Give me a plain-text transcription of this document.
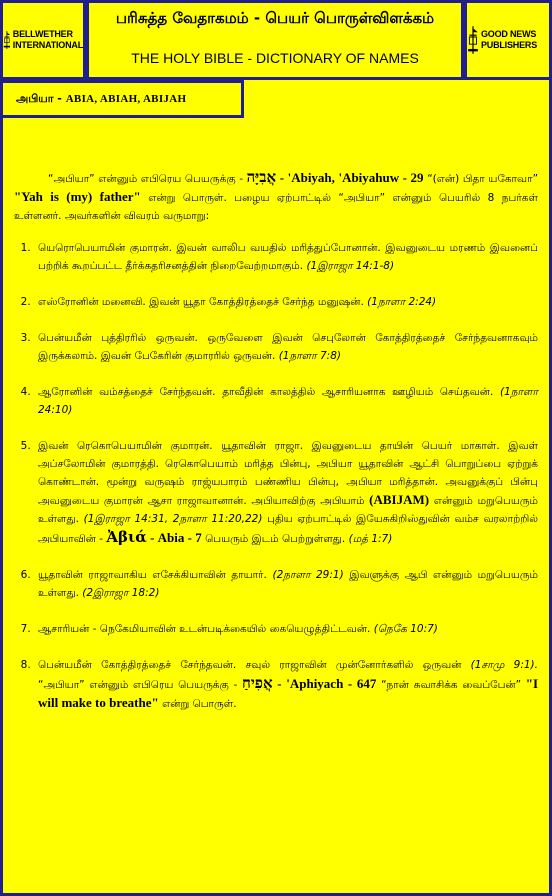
BELLWETHER INTERNATIONAL
பரிசுத்த வேதாகமம் - பெயர் பொருள்விளக்கம்
THE HOLY BIBLE - DICTIONARY OF NAMES
GOOD NEWS PUBLISHERS
அபியா - ABIA, ABIAH, ABIJAH

“அபியா” என்னும் எபிரெய பெயருக்கு - אֲבִיָּה - 'Abiyah, 'Abiyahuw - 29 “(என்) பிதா யகோவா” "Yah is (my) father" என்று பொருள். பழைய ஏற்பாட்டில் “அபியா” என்னும் பெயரில் 8 நபர்கள் உள்ளனர். அவர்களின் விவரம் வருமாறு:

1. யெரொபெயாமின் குமாரன். இவன் வாலிப வயதில் மரித்துப்போனான். இவனுடைய மரணம் இவனைப் பற்றிக் கூறப்பட்ட தீர்க்கதரிசனத்தின் நிறைவேற்றமாகும். (1இராஜா 14:1-8)
2. எஸ்ரோனின் மனைவி. இவன் யூதா கோத்திரத்தைச் சேர்ந்த மனுஷன். (1நாளா 2:24)
3. பென்யமீன் புத்திரரில் ஒருவன். ஒருவேளை இவன் செபுலோன் கோத்திரத்தைச் சேர்ந்தவனாகவும் இருக்கலாம். இவன் பேகேரின் குமாரரில் ஒருவன். (1நாளா 7:8)
4. ஆரோனின் வம்சத்தைச் சேர்ந்தவன். தாவீதின் காலத்தில் ஆசாரியனாக ஊழியம் செய்தவன். (1நாளா 24:10)
5. இவன் ரெகொபெயாமின் குமாரன். யூதாவின் ராஜா. இவனுடைய தாயின் பெயர் மாகாள். இவள் அப்சலோமின் குமாரத்தி. ரெகொபெயாம் மரித்த பின்பு, அபியா யூதாவின் ஆட்சி பொறுப்பை ஏற்றுக் கொண்டான். மூன்று வருஷம் ராஜ்யபாரம் பண்ணிய பின்பு, அபியா மரித்தான். அவனுக்குப் பின்பு அவனுடைய குமாரன் ஆசா ராஜாவானான். அபியாவிற்கு அபியாம் (ABIJAM) என்னும் மறுபெயரும் உள்ளது. (1இராஜா 14:31, 2நாளா 11:20,22) புதிய ஏற்பாட்டில் இயேசுகிறிஸ்துவின் வம்ச வரலாற்றில் அபியாவின் - Ἀβιά - Abia - 7 பெயரும் இடம் பெற்றுள்ளது. (மத் 1:7)
6. யூதாவின் ராஜாவாகிய எசேக்கியாவின் தாயார். (2நாளா 29:1) இவளுக்கு ஆபி என்னும் மறுபெயரும் உள்ளது. (2இராஜா 18:2)
7. ஆசாரியன் - நெகேமியாவின் உடன்படிக்கையில் கையெழுத்திட்டவன். (நெகே 10:7)
8. பென்யமீன் கோத்திரத்தைச் சேர்ந்தவன். சவுல் ராஜாவின் முன்னோர்களில் ஒருவன் (1சாமு 9:1). “அபியா” என்னும் எபிரெய பெயருக்கு - אֲפִיחַ - 'Aphiyach - 647 “நான் சுவாசிக்க வைப்பேன்” "I will make to breathe" என்று பொருள்.
